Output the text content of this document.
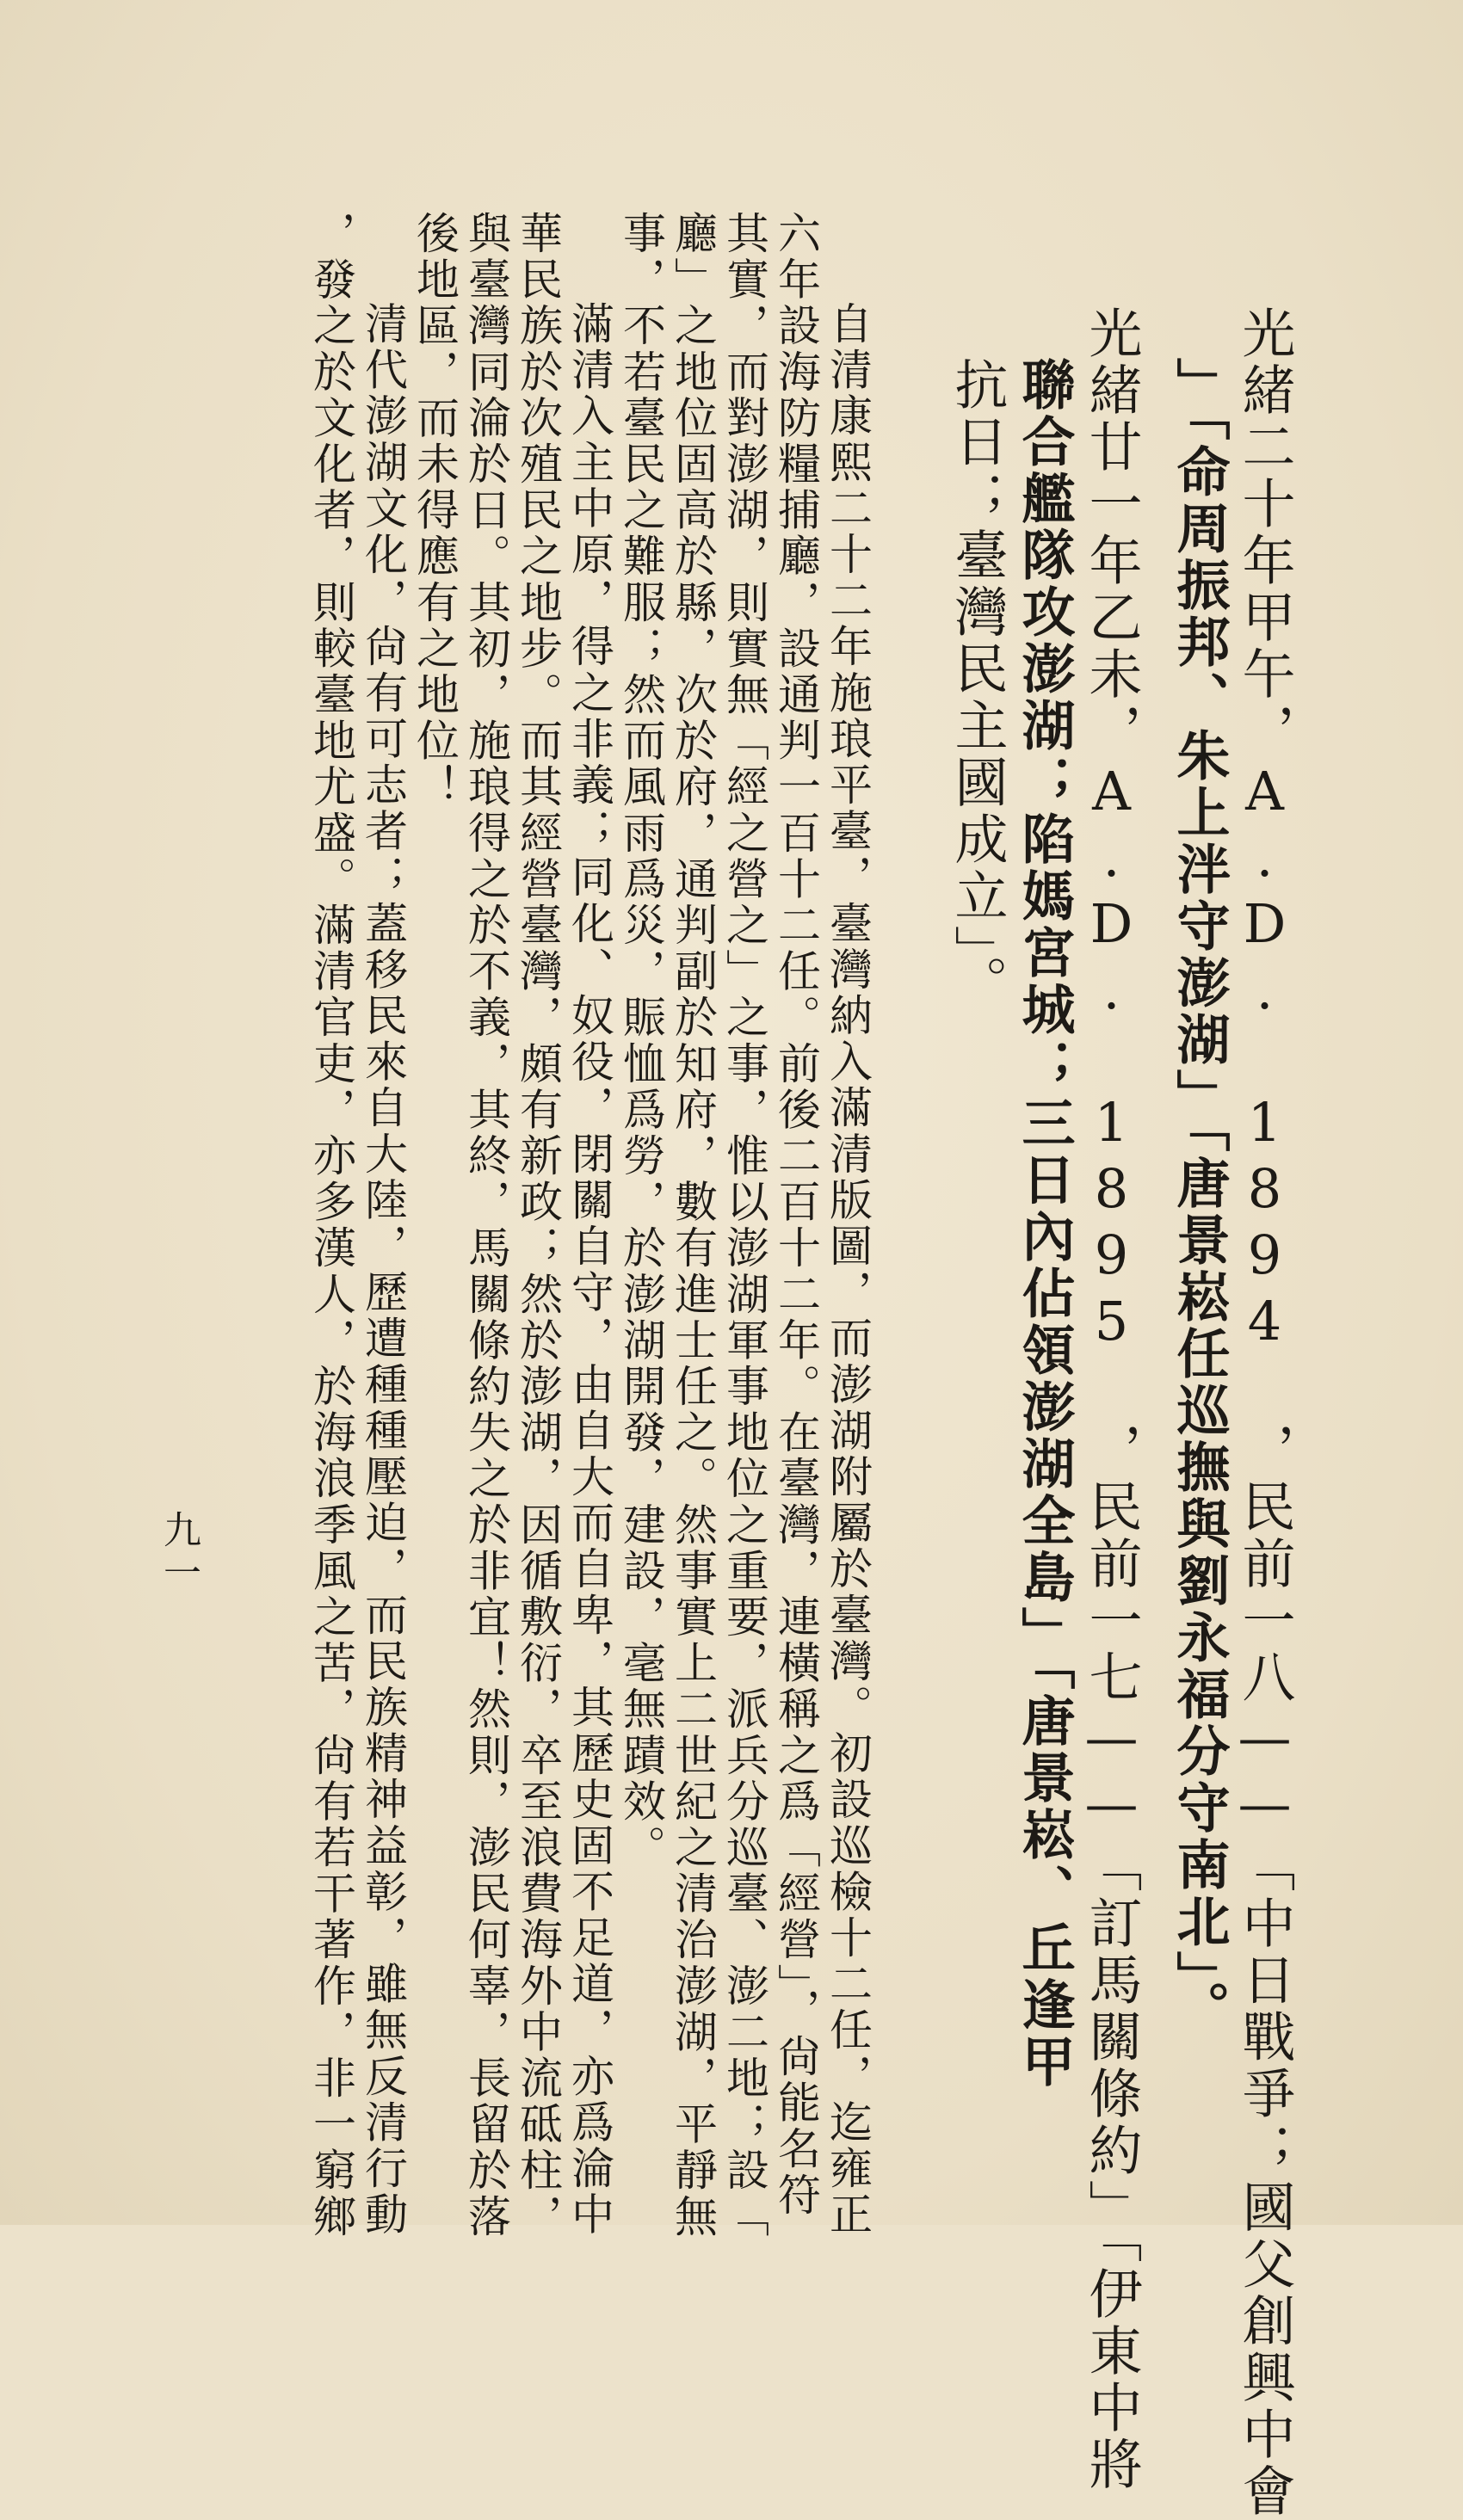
光緒二十年甲午，A.D. 1894 ，民前一八——「中日戰爭；國父創興中會
」「命周振邦、朱上泮守澎湖」「唐景崧任巡撫與劉永福分守南北」。
光緒廿一年乙未，A.D. 1895 ，民前一七——「訂馬關條約」「伊東中將
聯合艦隊攻澎湖；陷媽宮城；三日內佔領澎湖全島」「唐景崧、丘逢甲
抗日；臺灣民主國成立」。
自清康熙二十二年施琅平臺，臺灣納入滿清版圖，而澎湖附屬於臺灣。初設巡檢十二任，迄雍正
六年設海防糧捕廳，設通判一百十二任。前後二百十二年。在臺灣，連橫稱之爲「經營」，尙能名符
其實，而對澎湖，則實無「經之營之」之事，惟以澎湖軍事地位之重要，派兵分巡臺、澎二地；設「
廳」之地位固高於縣，次於府，通判副於知府，數有進士任之。然事實上二世紀之清治澎湖，平靜無
事，不若臺民之難服；然而風雨爲災，賑恤爲勞，於澎湖開發，建設，毫無蹟效。
滿清入主中原，得之非義；同化、奴役，閉關自守，由自大而自卑，其歷史固不足道，亦爲淪中
華民族於次殖民之地步。而其經營臺灣，頗有新政；然於澎湖，因循敷衍，卒至浪費海外中流砥柱，
與臺灣同淪於日。其初，施琅得之於不義，其終，馬關條約失之於非宜！然則，澎民何辜，長留於落
後地區，而未得應有之地位！
清代澎湖文化，尙有可志者；蓋移民來自大陸，歷遭種種壓迫，而民族精神益彰，雖無反清行動
，發之於文化者，則較臺地尤盛。滿清官吏，亦多漢人，於海浪季風之苦，尙有若干著作，非一窮鄉
九一
